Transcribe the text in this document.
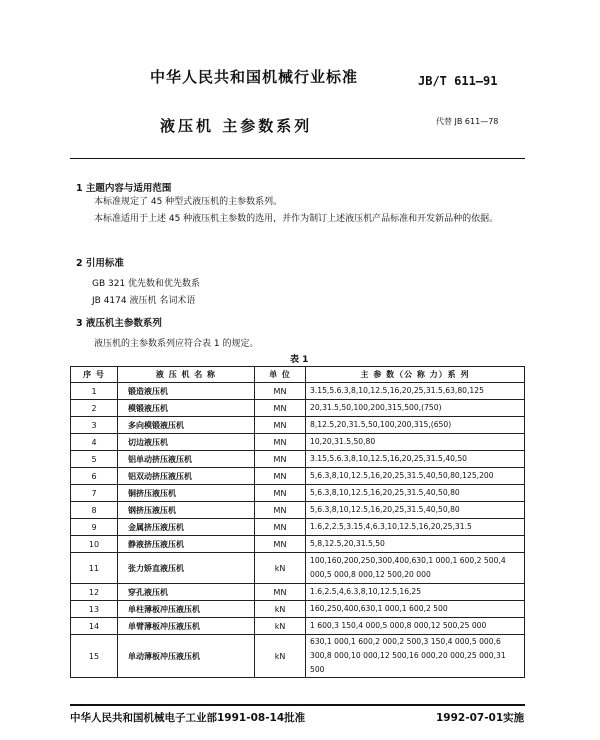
中华人民共和国机械行业标准	JB/T 611—91
液压机 主参数系列	代替 JB 611—78
1 主题内容与适用范围
本标准规定了 45 种型式液压机的主参数系列。
本标准适用于上述 45 种液压机主参数的选用，并作为制订上述液压机产品标准和开发新品种的依据。
2 引用标准
GB 321 优先数和优先数系
JB 4174 液压机 名词术语
3 液压机主参数系列
液压机的主参数系列应符合表 1 的规定。
表 1
序 号	液 压 机 名 称	单 位	主 参 数（公 称 力）系 列
1	锻造液压机	MN	3.15,5.6.3,8,10,12.5,16,20,25,31.5,63,80,125
2	模锻液压机	MN	20,31.5,50,100,200,315,500,(750)
3	多向模锻液压机	MN	8,12.5,20,31.5,50,100,200,315,(650)
4	切边液压机	MN	10,20,31.5,50,80
5	铝单动挤压液压机	MN	3.15,5.6.3,8,10,12.5,16,20,25,31.5,40,50
6	铝双动挤压液压机	MN	5,6.3,8,10,12.5,16,20,25,31.5,40,50,80,125,200
7	铜挤压液压机	MN	5,6.3,8,10,12.5,16,20,25,31.5,40,50,80
8	钢挤压液压机	MN	5,6.3,8,10,12.5,16,20,25,31.5,40,50,80
9	金属挤压液压机	MN	1.6,2,2.5,3.15,4,6.3,10,12.5,16,20,25,31.5
10	静液挤压液压机	MN	5,8,12.5,20,31.5,50
11	张力矫直液压机	kN	100,160,200,250,300,400,630,1 000,1 600,2 500,4 000,5 000,8 000,12 500,20 000
12	穿孔液压机	MN	1.6,2.5,4,6.3,8,10,12.5,16,25
13	单柱薄板冲压液压机	kN	160,250,400,630,1 000,1 600,2 500
14	单臂薄板冲压液压机	kN	1 600,3 150,4 000,5 000,8 000,12 500,25 000
15	单动薄板冲压液压机	kN	630,1 000,1 600,2 000,2 500,3 150,4 000,5 000,6 300,8 000,10 000,12 500,16 000,20 000,25 000,31 500
中华人民共和国机械电子工业部1991-08-14批准	1992-07-01实施
